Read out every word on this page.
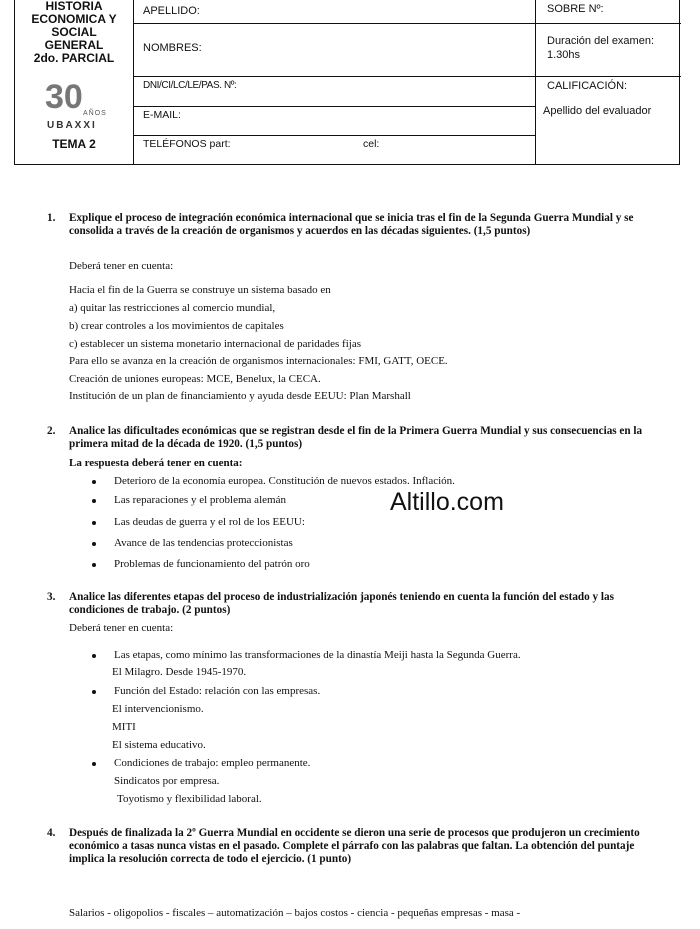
HISTORIA
ECONOMICA Y
SOCIAL
GENERAL
2do. PARCIAL
30 AÑOS
UBAXXI
TEMA 2
APELLIDO:
NOMBRES:
DNI/CI/LC/LE/PAS. Nº:
E-MAIL:
TELÉFONOS part:	cel:
SOBRE Nº:
Duración del examen:
1.30hs
CALIFICACIÓN:
Apellido del evaluador
1. Explique el proceso de integración económica internacional que se inicia tras el fin de la Segunda Guerra Mundial y se consolida a través de la creación de organismos y acuerdos en las décadas siguientes. (1,5 puntos)
Deberá tener en cuenta:
Hacia el fin de la Guerra se construye un sistema basado en
a) quitar las restricciones al comercio mundial,
b) crear controles a los movimientos de capitales
c) establecer un sistema monetario internacional de paridades fijas
Para ello se avanza en la creación de organismos internacionales: FMI, GATT, OECE.
Creación de uniones europeas: MCE, Benelux, la CECA.
Institución de un plan de financiamiento y ayuda desde EEUU: Plan Marshall
2. Analice las dificultades económicas que se registran desde el fin de la Primera Guerra Mundial y sus consecuencias en la primera mitad de la década de 1920. (1,5 puntos)
La respuesta deberá tener en cuenta:
Deterioro de la economía europea. Constitución de nuevos estados. Inflación.
Las reparaciones y el problema alemán
Las deudas de guerra y el rol de los EEUU:
Avance de las tendencias proteccionistas
Problemas de funcionamiento del patrón oro
Altillo.com
3. Analice las diferentes etapas del proceso de industrialización japonés teniendo en cuenta la función del estado y las condiciones de trabajo. (2 puntos)
Deberá tener en cuenta:
Las etapas, como mínimo las transformaciones de la dinastía Meiji hasta la Segunda Guerra.
El Milagro. Desde 1945-1970.
Función del Estado: relación con las empresas.
El intervencionismo.
MITI
El sistema educativo.
Condiciones de trabajo: empleo permanente.
Sindicatos por empresa.
Toyotismo y flexibilidad laboral.
4. Después de finalizada la 2º Guerra Mundial en occidente se dieron una serie de procesos que produjeron un crecimiento económico a tasas nunca vistas en el pasado. Complete el párrafo con las palabras que faltan. La obtención del puntaje implica la resolución correcta de todo el ejercicio. (1 punto)
Salarios - oligopolios - fiscales – automatización – bajos costos - ciencia - pequeñas empresas - masa -
